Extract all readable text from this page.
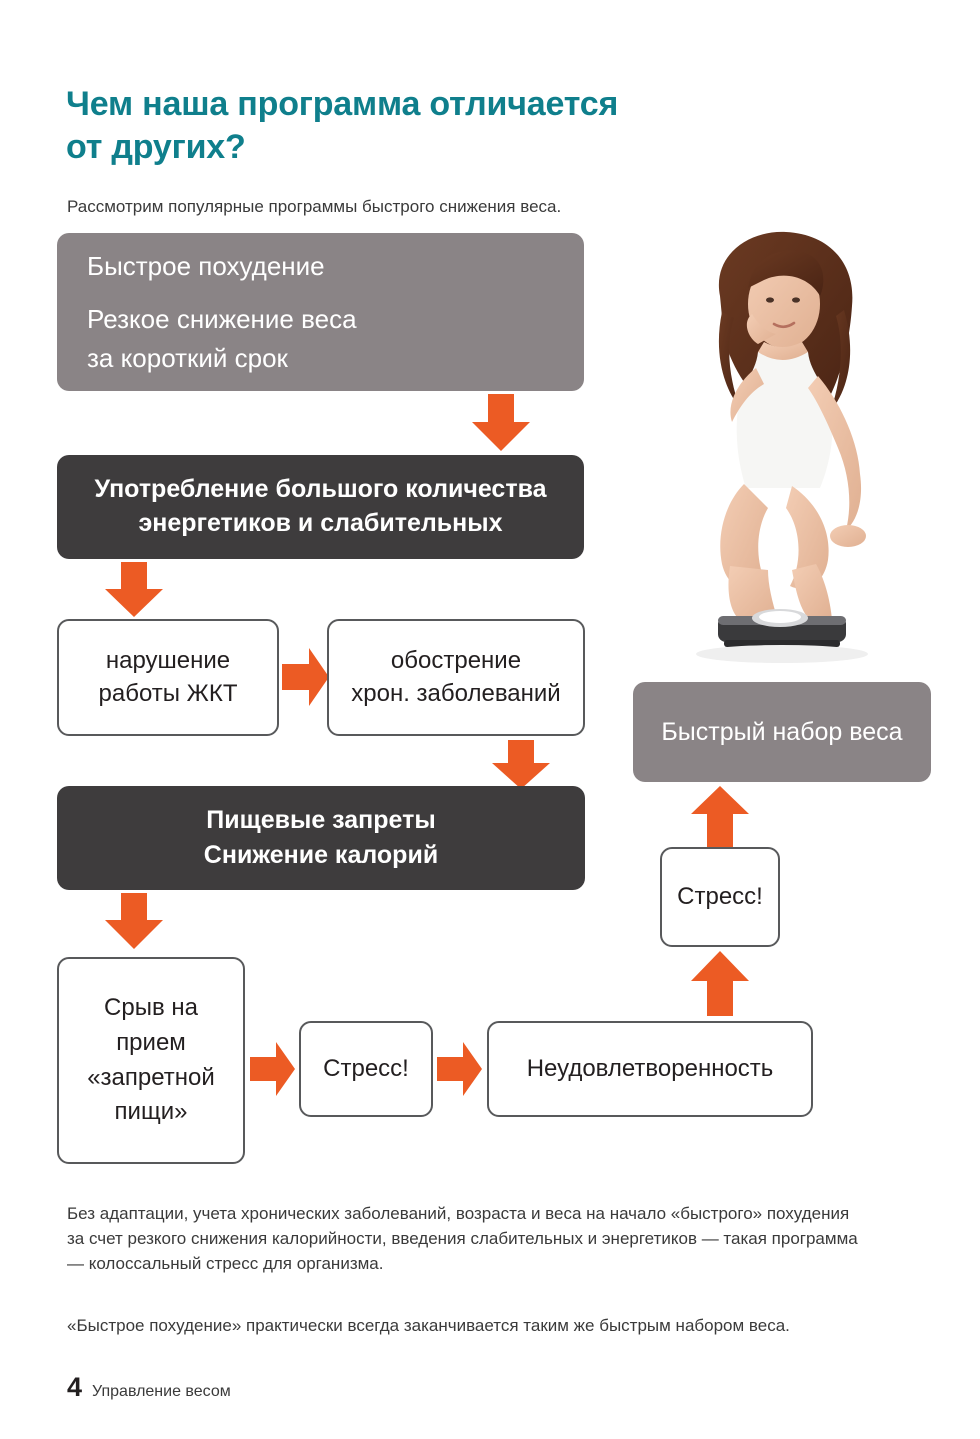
Чем наша программа отличается
от других?

Рассмотрим популярные программы быстрого снижения веса.

Быстрое похудение
Резкое снижение веса
за короткий срок
Употребление большого количества
энергетиков и слабительных
нарушение
работы ЖКТ
обострение
хрон. заболеваний
Пищевые запреты
Снижение калорий
Срыв на
прием
«запретной
пищи»
Стресс!	Неудовлетворенность
Стресс!
Быстрый набор веса

Без адаптации, учета хронических заболеваний, возраста и веса на начало «быстрого» похудения за счет резкого снижения калорийности, введения слабительных и энергетиков — такая программа — колоссальный стресс для организма.

«Быстрое похудение» практически всегда заканчивается таким же быстрым набором веса.

4 Управление весом
